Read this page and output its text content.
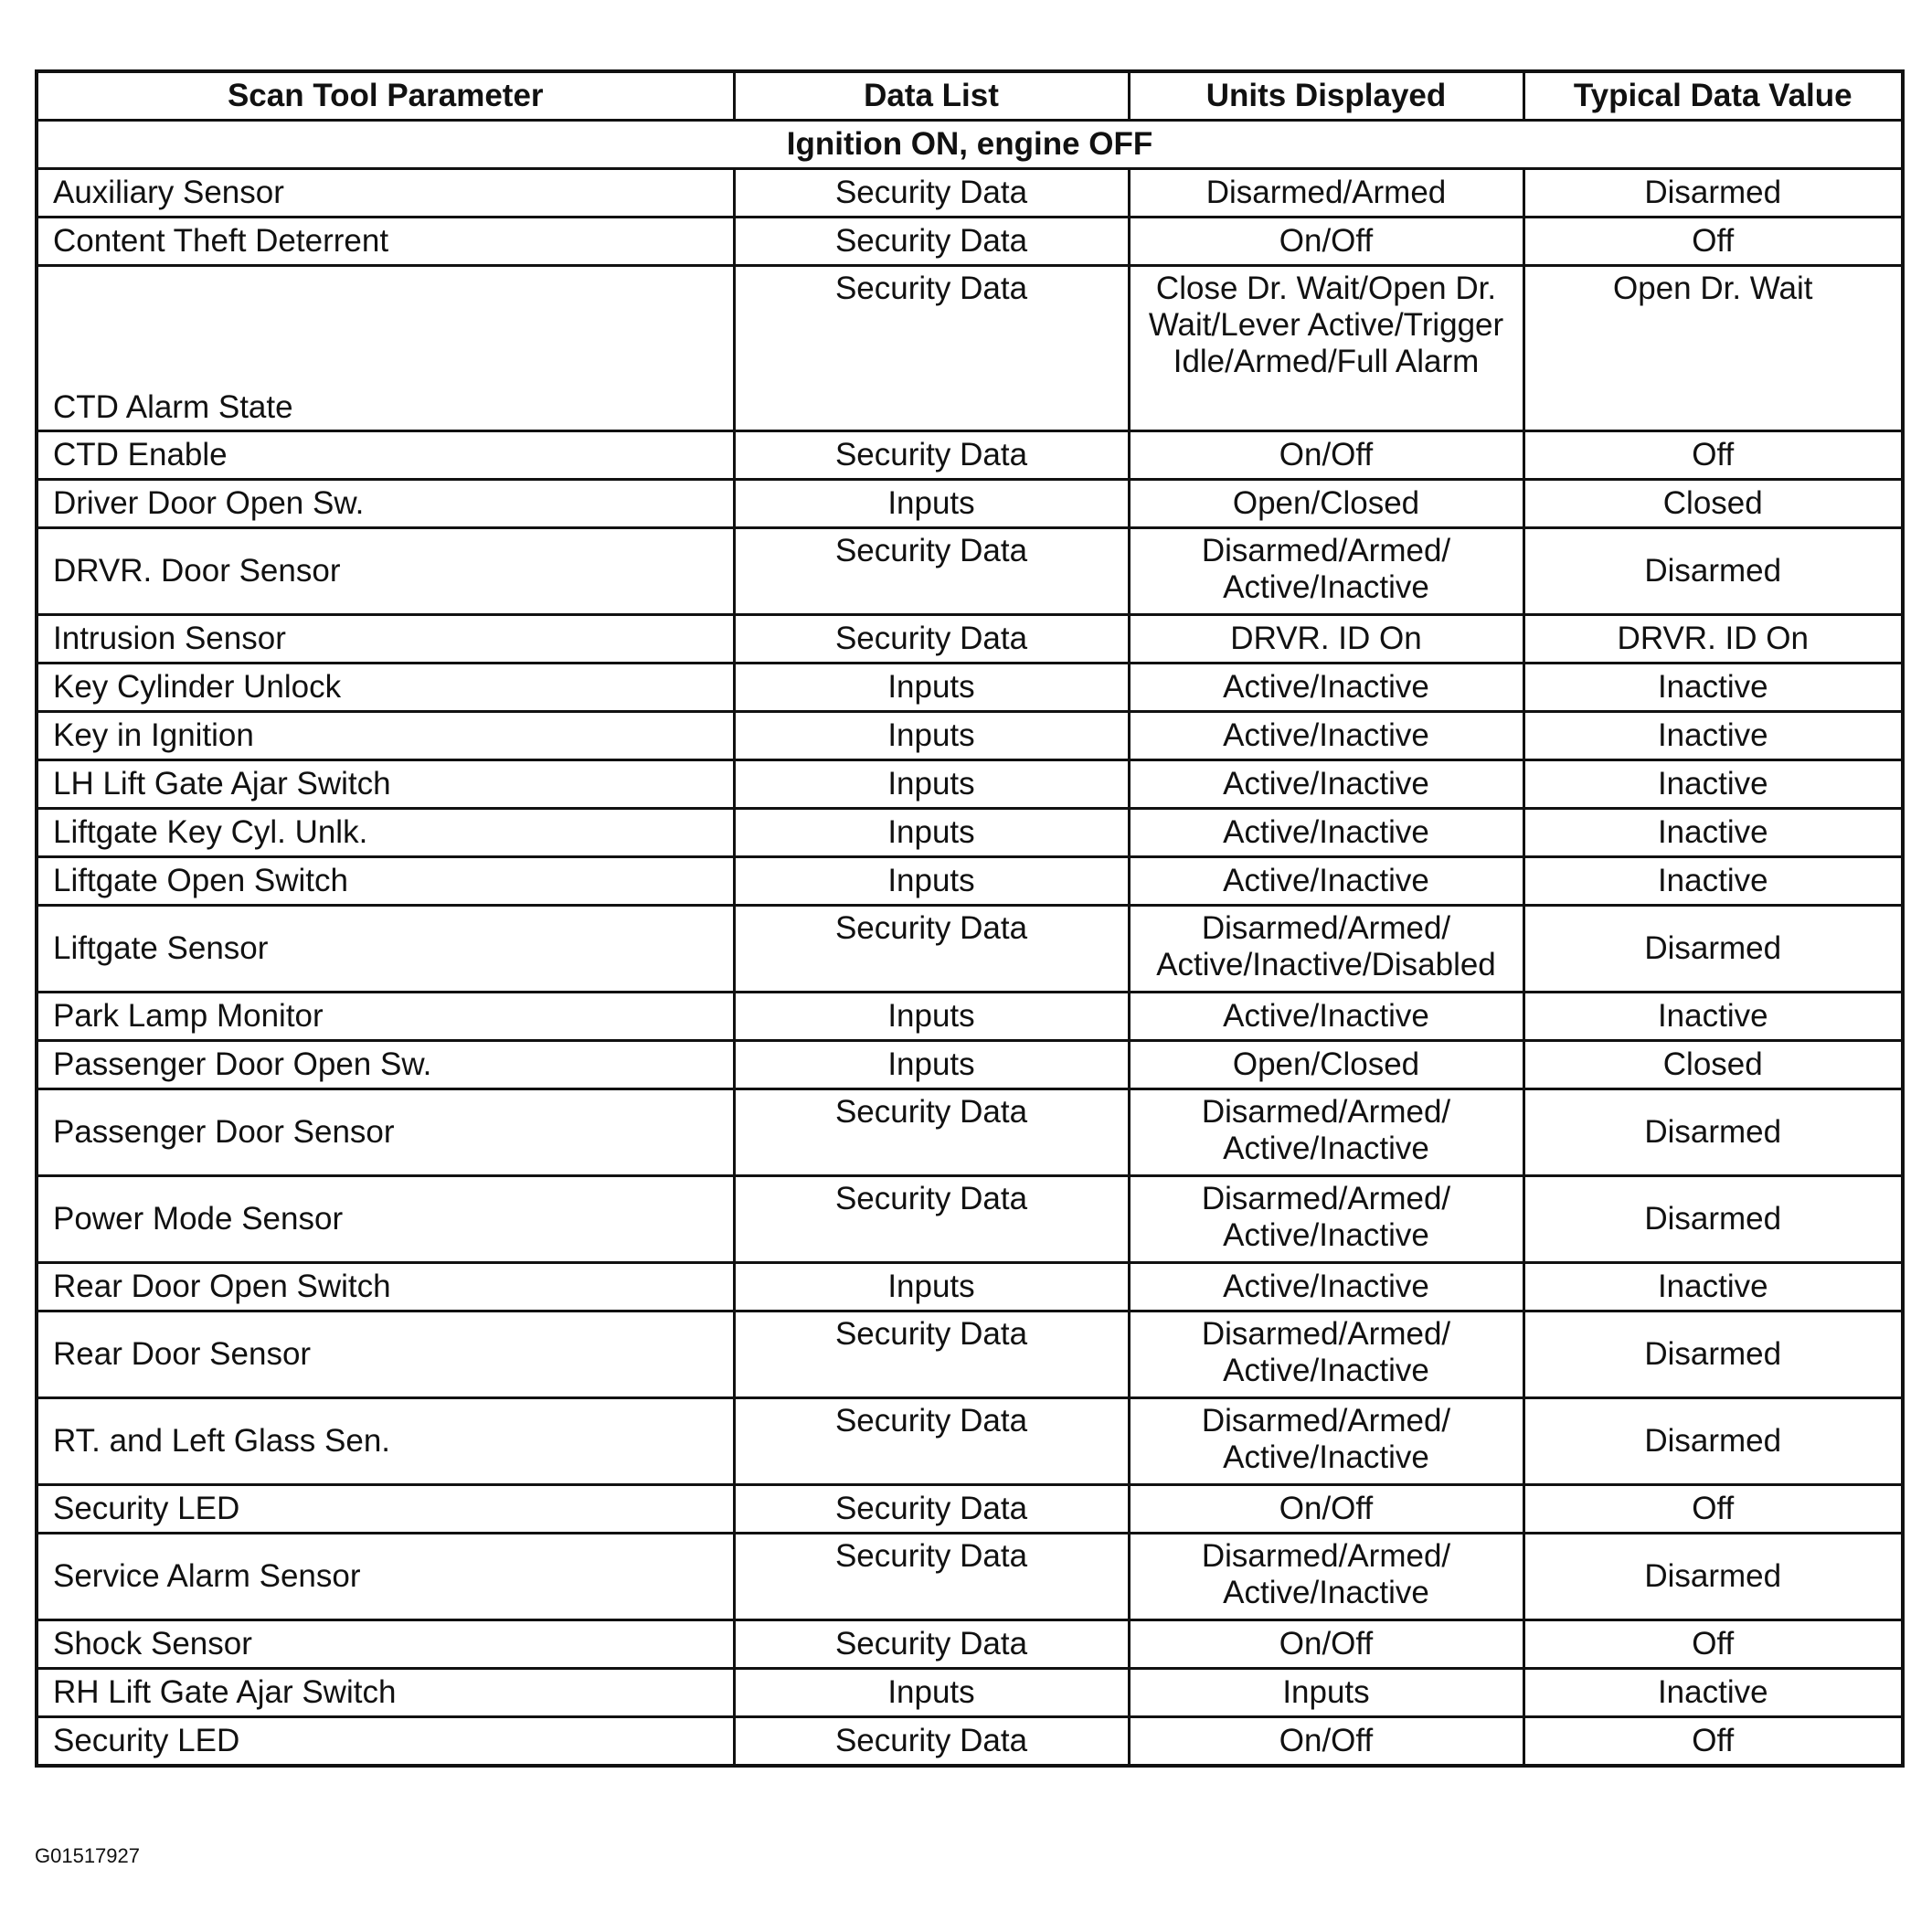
Scan Tool Parameter	Data List	Units Displayed	Typical Data Value
Ignition ON, engine OFF			
Auxiliary Sensor	Security Data	Disarmed/Armed	Disarmed
Content Theft Deterrent	Security Data	On/Off	Off
CTD Alarm State	Security Data	Close Dr. Wait/Open Dr. Wait/Lever Active/Trigger Idle/Armed/Full Alarm	Open Dr. Wait
CTD Enable	Security Data	On/Off	Off
Driver Door Open Sw.	Inputs	Open/Closed	Closed
DRVR. Door Sensor	Security Data	Disarmed/Armed/ Active/Inactive	Disarmed
Intrusion Sensor	Security Data	DRVR. ID On	DRVR. ID On
Key Cylinder Unlock	Inputs	Active/Inactive	Inactive
Key in Ignition	Inputs	Active/Inactive	Inactive
LH Lift Gate Ajar Switch	Inputs	Active/Inactive	Inactive
Liftgate Key Cyl. Unlk.	Inputs	Active/Inactive	Inactive
Liftgate Open Switch	Inputs	Active/Inactive	Inactive
Liftgate Sensor	Security Data	Disarmed/Armed/ Active/Inactive/Disabled	Disarmed
Park Lamp Monitor	Inputs	Active/Inactive	Inactive
Passenger Door Open Sw.	Inputs	Open/Closed	Closed
Passenger Door Sensor	Security Data	Disarmed/Armed/ Active/Inactive	Disarmed
Power Mode Sensor	Security Data	Disarmed/Armed/ Active/Inactive	Disarmed
Rear Door Open Switch	Inputs	Active/Inactive	Inactive
Rear Door Sensor	Security Data	Disarmed/Armed/ Active/Inactive	Disarmed
RT. and Left Glass Sen.	Security Data	Disarmed/Armed/ Active/Inactive	Disarmed
Security LED	Security Data	On/Off	Off
Service Alarm Sensor	Security Data	Disarmed/Armed/ Active/Inactive	Disarmed
Shock Sensor	Security Data	On/Off	Off
RH Lift Gate Ajar Switch	Inputs	Inputs	Inactive
Security LED	Security Data	On/Off	Off
G01517927
